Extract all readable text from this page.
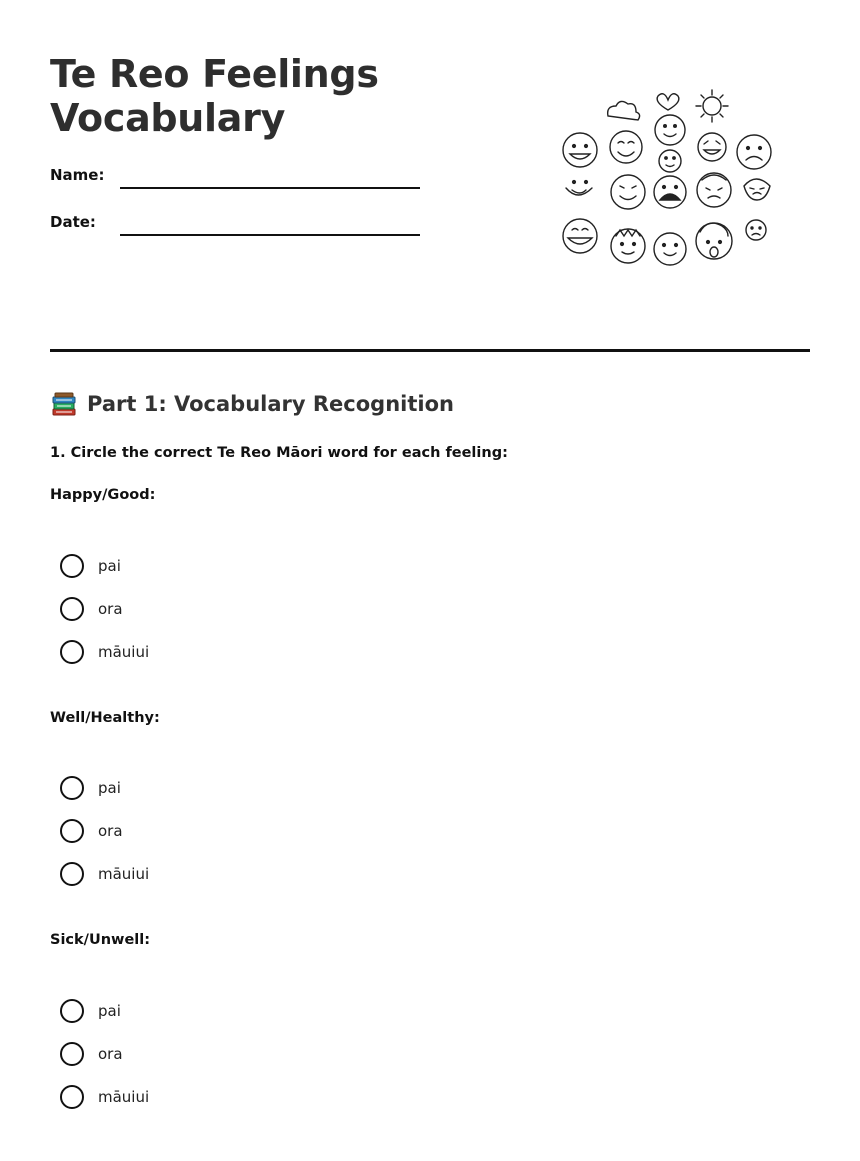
Te Reo Feelings
Vocabulary
Name:
Date:
Part 1: Vocabulary Recognition
1. Circle the correct Te Reo Māori word for each feeling:
Happy/Good:
pai
ora
māuiui
Well/Healthy:
pai
ora
māuiui
Sick/Unwell:
pai
ora
māuiui
